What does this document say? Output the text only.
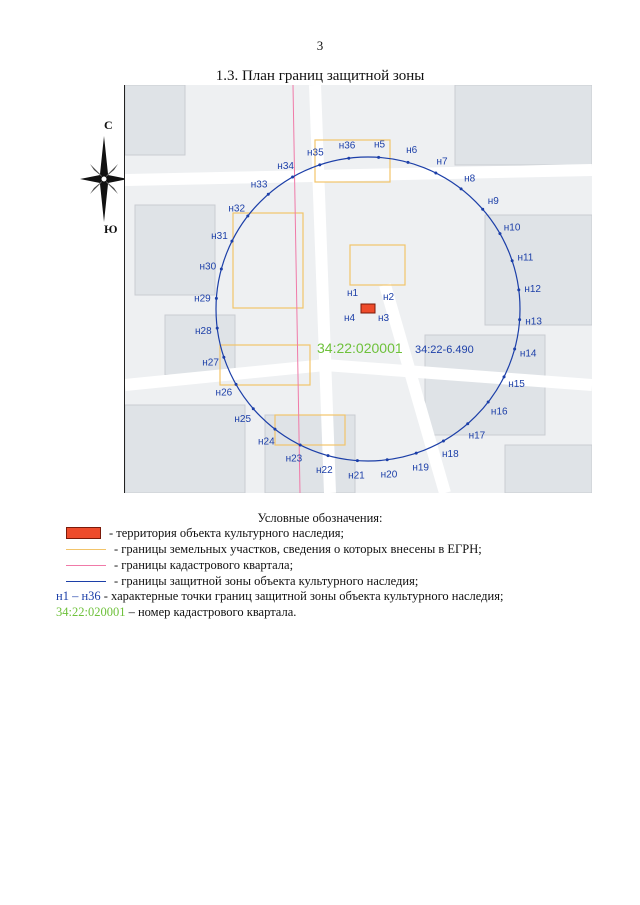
3
1.3. План границ защитной зоны
С
Ю
н5 н6
н7
н8
н9
н10
н11
н12
н13
н14
н15
н16
н17
н18
н19
н20
н21
н22
н23
н24
н25
н26
н27
н28
н29
н30
н31
н32
н33
н34
н35
н36
н1 н2
н3
н4
34:22:020001 34:22-6.490
Условные обозначения:
- территория объекта культурного наследия;
- границы земельных участков, сведения о которых внесены в ЕГРН;
- границы кадастрового квартала;
- границы защитной зоны объекта культурного наследия;
н1 – н36 - характерные точки границ защитной зоны объекта культурного наследия;
34:22:020001 – номер кадастрового квартала.
